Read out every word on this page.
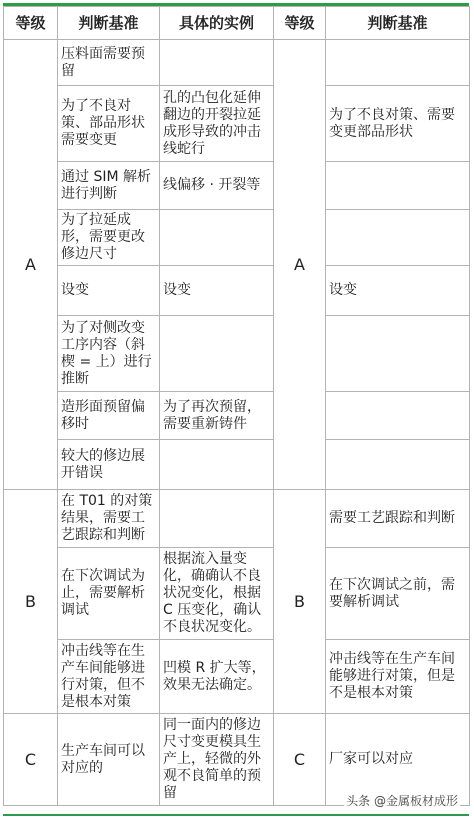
等级	判断基准	具体的实例	等级	判断基准
A	压料面需要预留		A	
	为了不良对策、部品形状需要变更	孔的凸包化延伸翻边的开裂拉延成形导致的冲击线蛇行		为了不良对策、需要变更部品形状
	通过 SIM 解析进行判断	线偏移 · 开裂等		
	为了拉延成形，需要更改修边尺寸			
	设变	设变		设变
	为了对侧改变工序内容（斜楔 = 上）进行推断			
	造形面预留偏移时	为了再次预留，需要重新铸件		
	较大的修边展开错误			
B	在 T01 的对策结果，需要工艺跟踪和判断		B	需要工艺跟踪和判断
	在下次调试为止，需要解析调试	根据流入量变化，确确认不良状况变化，根据 C 压变化，确认不良状况变化。		在下次调试之前，需要解析调试
	冲击线等在生产车间能够进行对策，但不是根本对策	凹模 R 扩大等，效果无法确定。		冲击线等在生产车间能够进行对策，但是不是根本对策
C	生产车间可以对应的	同一面内的修边尺寸变更模具生产上，轻微的外观不良简单的预留	C	厂家可以对应
头条 @金属板材成形
